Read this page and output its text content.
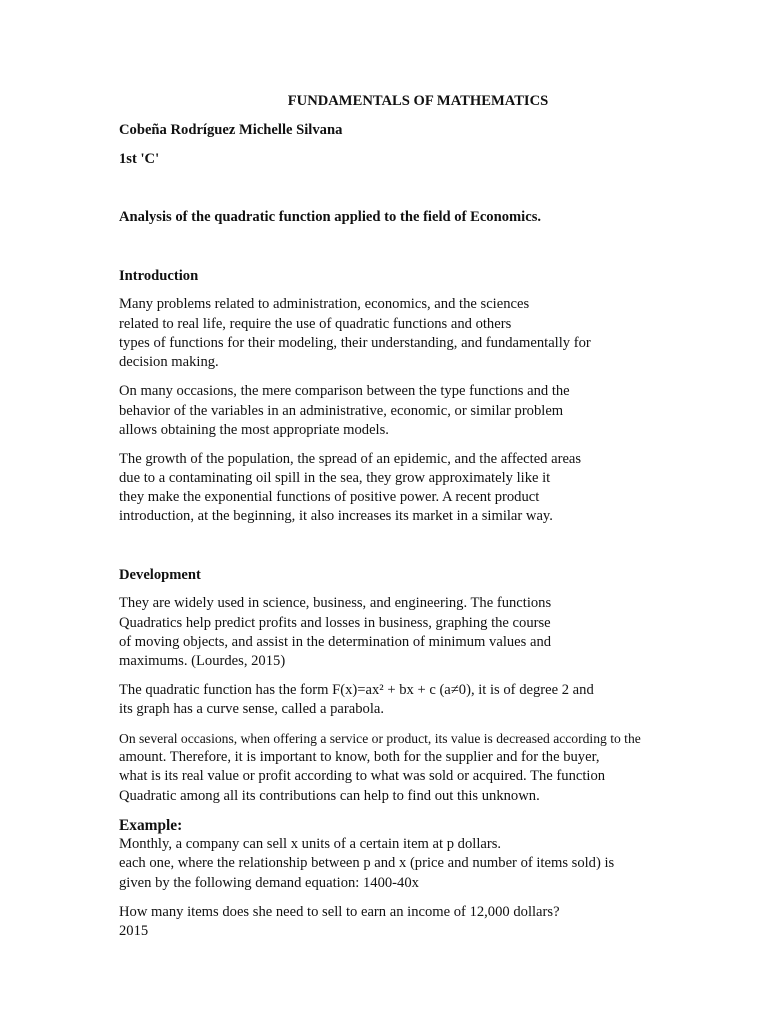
FUNDAMENTALS OF MATHEMATICS

Cobeña Rodríguez Michelle Silvana

1st 'C'

Analysis of the quadratic function applied to the field of Economics.

Introduction

Many problems related to administration, economics, and the sciences

related to real life, require the use of quadratic functions and others

types of functions for their modeling, their understanding, and fundamentally for

decision making.

On many occasions, the mere comparison between the type functions and the

behavior of the variables in an administrative, economic, or similar problem

allows obtaining the most appropriate models.

The growth of the population, the spread of an epidemic, and the affected areas

due to a contaminating oil spill in the sea, they grow approximately like it

they make the exponential functions of positive power. A recent product

introduction, at the beginning, it also increases its market in a similar way.

Development

They are widely used in science, business, and engineering. The functions

Quadratics help predict profits and losses in business, graphing the course

of moving objects, and assist in the determination of minimum values and

maximums. (Lourdes, 2015)

The quadratic function has the form F(x)=ax² + bx + c (a≠0), it is of degree 2 and

its graph has a curve sense, called a parabola.

On several occasions, when offering a service or product, its value is decreased according to the

amount. Therefore, it is important to know, both for the supplier and for the buyer,

what is its real value or profit according to what was sold or acquired. The function

Quadratic among all its contributions can help to find out this unknown.

Example:

Monthly, a company can sell x units of a certain item at p dollars.

each one, where the relationship between p and x (price and number of items sold) is

given by the following demand equation: 1400-40x

How many items does she need to sell to earn an income of 12,000 dollars?

2015
